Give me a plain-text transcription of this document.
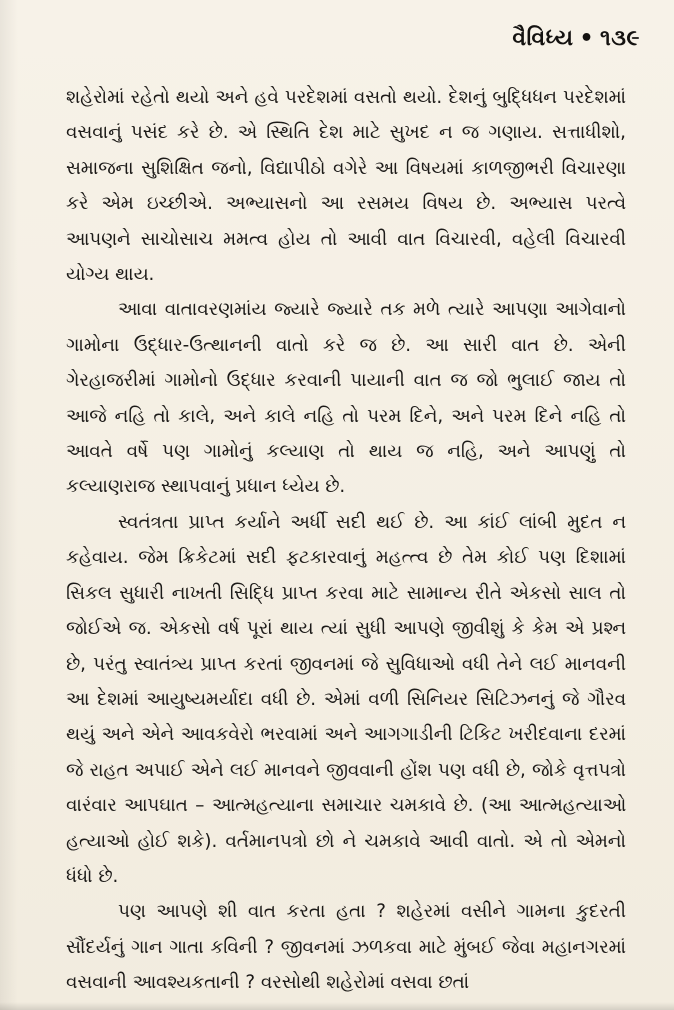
વૈવિધ્ય • ૧૩૯

શહેરોમાં રહેતો થયો અને હવે પરદેશમાં વસતો થયો. દેશનું બુદ્ધિધન પરદેશમાં વસવાનું પસંદ કરે છે. એ સ્થિતિ દેશ માટે સુખદ ન જ ગણાય. સત્તાધીશો, સમાજના સુશિક્ષિત જનો, વિદ્યાપીઠો વગેરે આ વિષયમાં કાળજીભરી વિચારણા કરે એમ ઇચ્છીએ. અભ્યાસનો આ રસમય વિષય છે. અભ્યાસ પરત્વે આપણને સાચોસાચ મમત્વ હોય તો આવી વાત વિચારવી, વહેલી વિચારવી યોગ્ય થાય.

આવા વાતાવરણમાંય જ્યારે જ્યારે તક મળે ત્યારે આપણા આગેવાનો ગામોના ઉદ્ધાર-ઉત્થાનની વાતો કરે જ છે. આ સારી વાત છે. એની ગેરહાજરીમાં ગામોનો ઉદ્ધાર કરવાની પાયાની વાત જ જો ભુલાઈ જાય તો આજે નહિ તો કાલે, અને કાલે નહિ તો પરમ દિને, અને પરમ દિને નહિ તો આવતે વર્ષે પણ ગામોનું કલ્યાણ તો થાય જ નહિ, અને આપણું તો કલ્યાણરાજ સ્થાપવાનું પ્રધાન ધ્યેય છે.

સ્વતંત્રતા પ્રાપ્ત કર્યાને અર્ધી સદી થઈ છે. આ કાંઈ લાંબી મુદત ન કહેવાય. જેમ ક્રિકેટમાં સદી ફટકારવાનું મહત્ત્વ છે તેમ કોઈ પણ દિશામાં સિકલ સુધારી નાખતી સિદ્ધિ પ્રાપ્ત કરવા માટે સામાન્ય રીતે એકસો સાલ તો જોઈએ જ. એકસો વર્ષ પૂરાં થાય ત્યાં સુધી આપણે જીવીશું કે કેમ એ પ્રશ્ન છે, પરંતુ સ્વાતંત્ર્ય પ્રાપ્ત કરતાં જીવનમાં જે સુવિધાઓ વધી તેને લઈ માનવની આ દેશમાં આયુષ્યમર્યાદા વધી છે. એમાં વળી સિનિયર સિટિઝનનું જે ગૌરવ થયું અને એને આવકવેરો ભરવામાં અને આગગાડીની ટિકિટ ખરીદવાના દરમાં જે રાહત અપાઈ એને લઈ માનવને જીવવાની હોંશ પણ વધી છે, જોકે વૃત્તપત્રો વારંવાર આપઘાત – આત્મહત્યાના સમાચાર ચમકાવે છે. (આ આત્મહત્યાઓ હત્યાઓ હોઈ શકે). વર્તમાનપત્રો છો ને ચમકાવે આવી વાતો. એ તો એમનો ધંધો છે.

પણ આપણે શી વાત કરતા હતા ? શહેરમાં વસીને ગામના કુદરતી સૌંદર્યનું ગાન ગાતા કવિની ? જીવનમાં ઝળકવા માટે મુંબઈ જેવા મહાનગરમાં વસવાની આવશ્યકતાની ? વરસોથી શહેરોમાં વસવા છતાં
